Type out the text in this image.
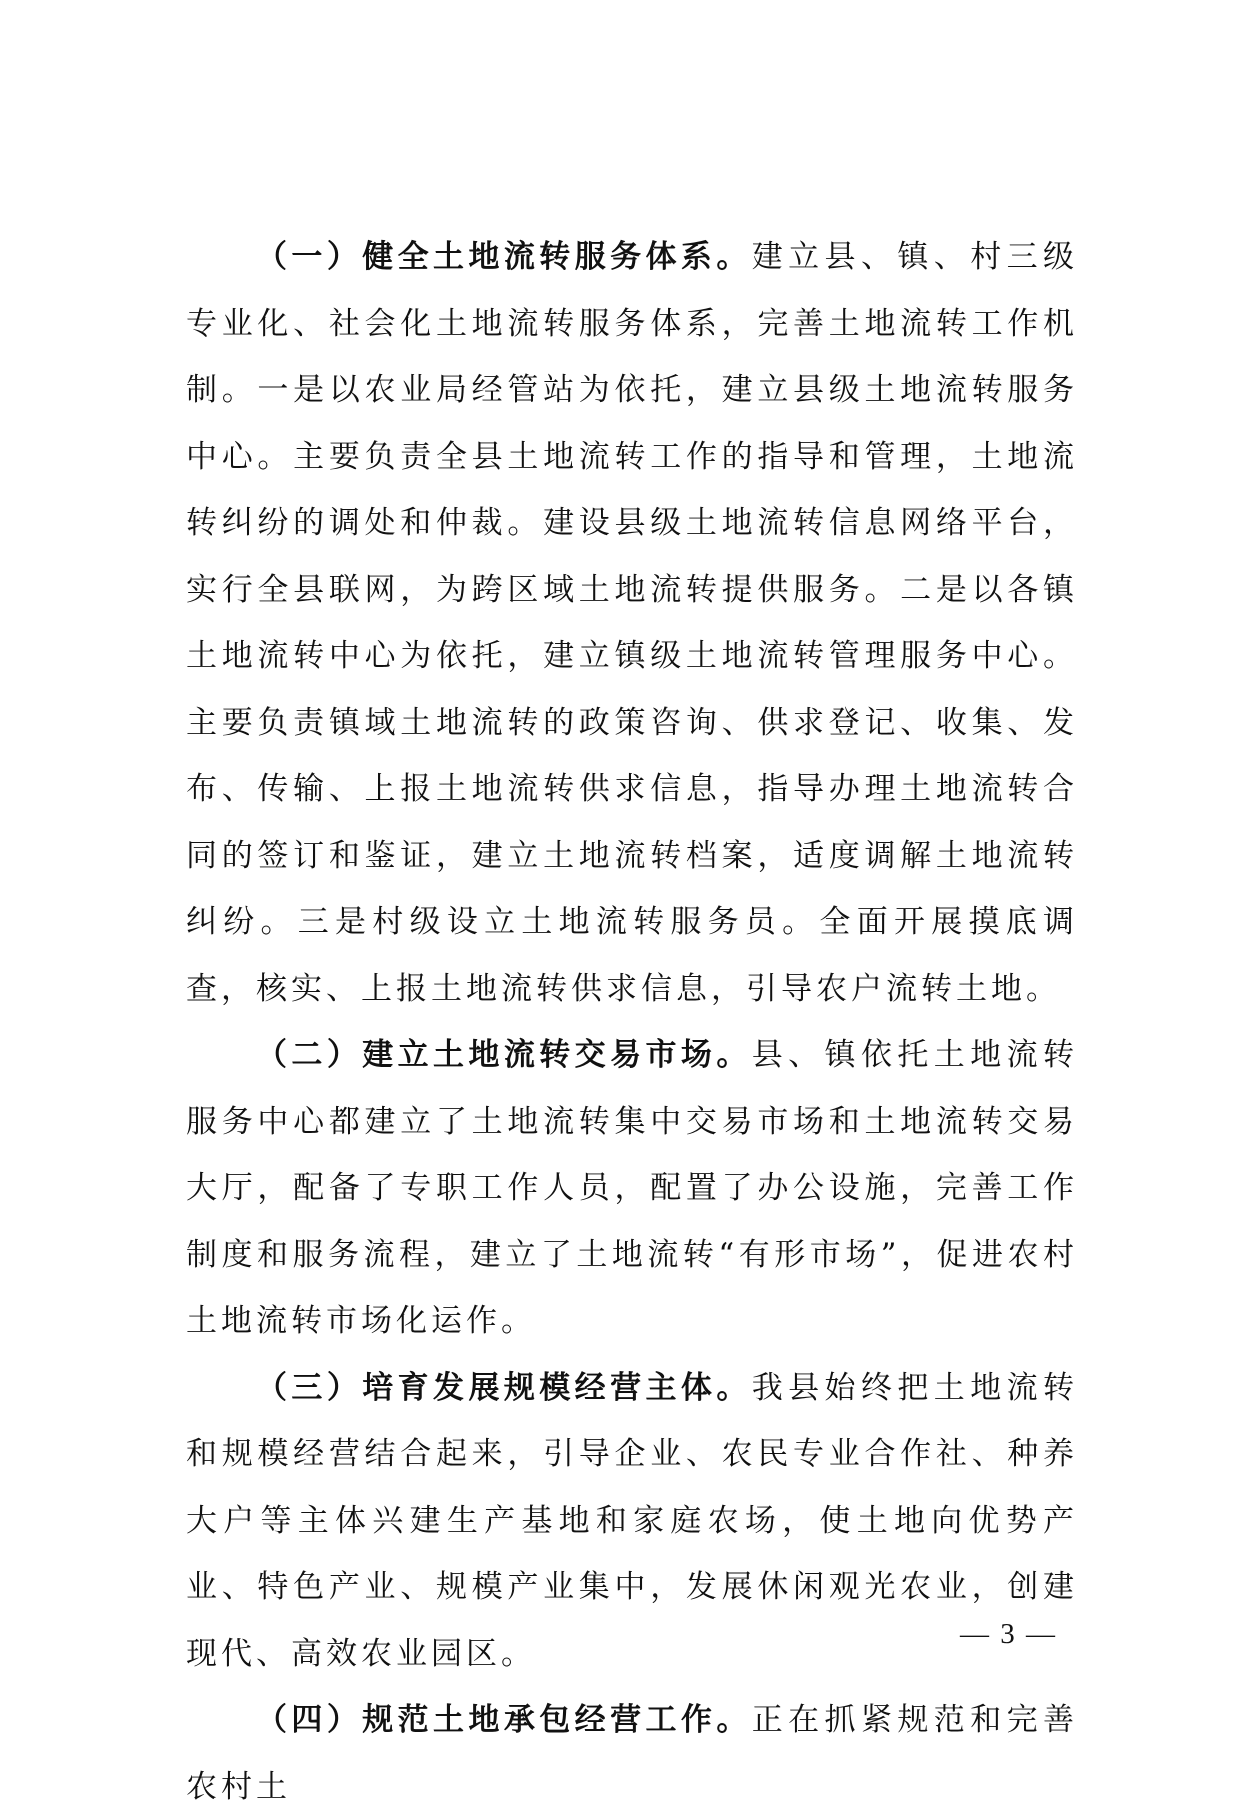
（一）健全土地流转服务体系。建立县、镇、村三级专业化、社会化土地流转服务体系，完善土地流转工作机制。一是以农业局经管站为依托，建立县级土地流转服务中心。主要负责全县土地流转工作的指导和管理，土地流转纠纷的调处和仲裁。建设县级土地流转信息网络平台，实行全县联网，为跨区域土地流转提供服务。二是以各镇土地流转中心为依托，建立镇级土地流转管理服务中心。主要负责镇域土地流转的政策咨询、供求登记、收集、发布、传输、上报土地流转供求信息，指导办理土地流转合同的签订和鉴证，建立土地流转档案，适度调解土地流转纠纷。三是村级设立土地流转服务员。全面开展摸底调查，核实、上报土地流转供求信息，引导农户流转土地。

（二）建立土地流转交易市场。县、镇依托土地流转服务中心都建立了土地流转集中交易市场和土地流转交易大厅，配备了专职工作人员，配置了办公设施，完善工作制度和服务流程，建立了土地流转“有形市场”，促进农村土地流转市场化运作。

（三）培育发展规模经营主体。我县始终把土地流转和规模经营结合起来，引导企业、农民专业合作社、种养大户等主体兴建生产基地和家庭农场，使土地向优势产业、特色产业、规模产业集中，发展休闲观光农业，创建现代、高效农业园区。

（四）规范土地承包经营工作。正在抓紧规范和完善农村土

— 3 —
